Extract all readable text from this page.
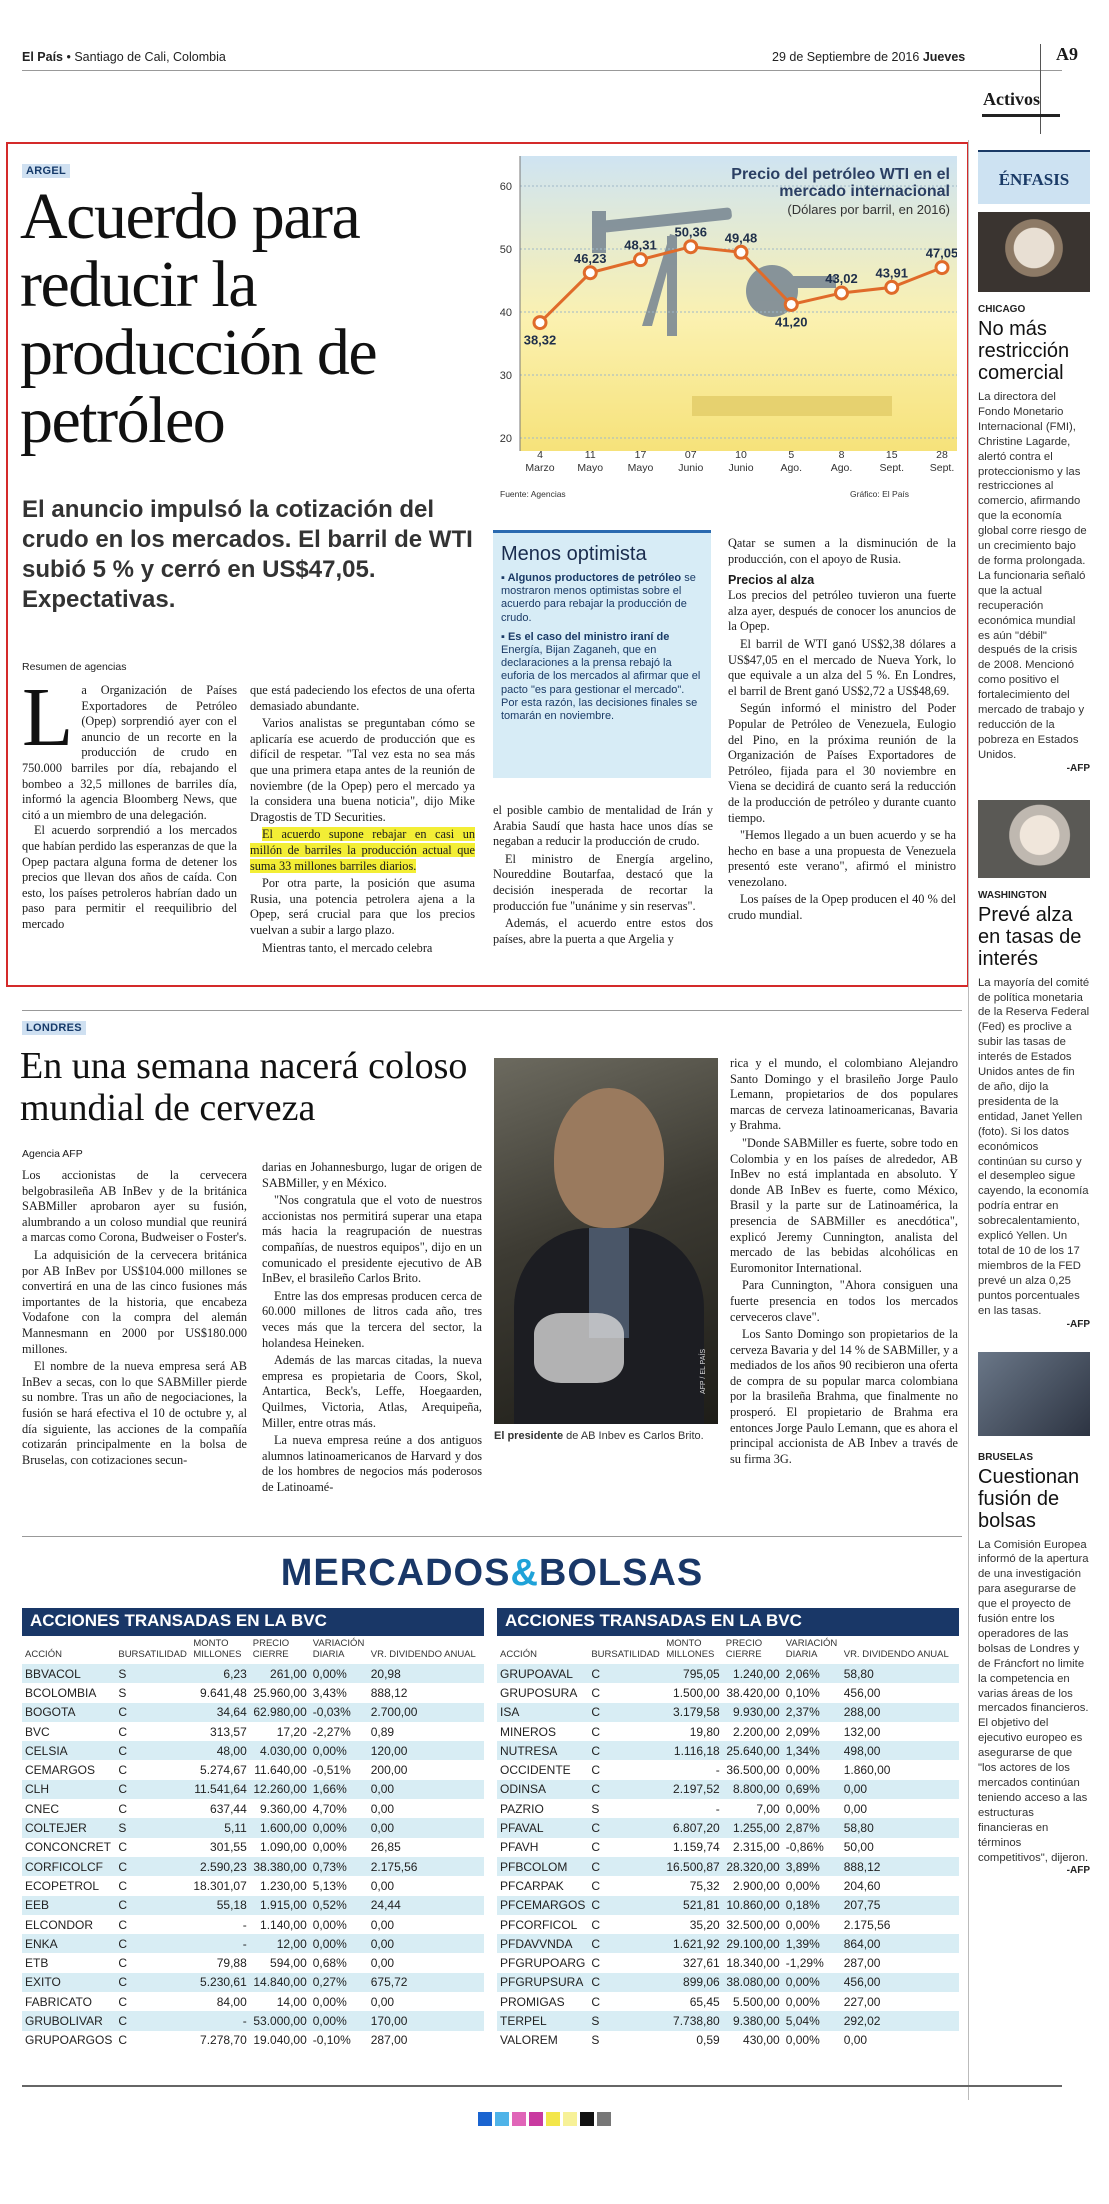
El País • Santiago de Cali, Colombia	29 de Septiembre de 2016 Jueves	A9
Activos
ARGEL
Acuerdo para reducir la producción de petróleo
El anuncio impulsó la cotización del crudo en los mercados. El barril de WTI subió 5 % y cerró en US$47,05. Expectativas.
Resumen de agencias
20
30
40
50
60
38,32
46,23
48,31
50,36 49,48
41,20
43,02 43,91
47,05
4
Marzo
11
Mayo
17
Mayo
07
Junio
10
Junio
5
Ago.
8
Ago.
15
Sept.
28
Sept.
Precio del petróleo WTI en el mercado internacional
(Dólares por barril, en 2016)
Fuente: Agencias	Gráfico: El País
L a Organización de Países Exportadores de Petróleo (Opep) sorprendió ayer con el anuncio de un recorte en la producción de crudo en 750.000 barriles por día, rebajando el bombeo a 32,5 millones de barriles día, informó la agencia Bloomberg News, que citó a un miembro de una delegación.

El acuerdo sorprendió a los mercados que habían perdido las esperanzas de que la Opep pactara alguna forma de detener los precios que llevan dos años de caída. Con esto, los países petroleros habrían dado un paso para permitir el reequilibrio del mercado

que está padeciendo los efectos de una oferta demasiado abundante.

Varios analistas se preguntaban cómo se aplicaría ese acuerdo de producción que es difícil de respetar. "Tal vez esta no sea más que una primera etapa antes de la reunión de noviembre (de la Opep) pero el mercado ya la considera una buena noticia", dijo Mike Dragostis de TD Securities.

El acuerdo supone rebajar en casi un millón de barriles la producción actual que suma 33 millones barriles diarios.

Por otra parte, la posición que asuma Rusia, una potencia petrolera ajena a la Opep, será crucial para que los precios vuelvan a subir a largo plazo.

Mientras tanto, el mercado celebra

Menos optimista

▪ Algunos productores de petróleo se mostraron menos optimistas sobre el acuerdo para rebajar la producción de crudo.

▪ Es el caso del ministro iraní de Energía, Bijan Zaganeh, que en declaraciones a la prensa rebajó la euforia de los mercados al afirmar que el pacto "es para gestionar el mercado". Por esta razón, las decisiones finales se tomarán en noviembre.

el posible cambio de mentalidad de Irán y Arabia Saudí que hasta hace unos días se negaban a reducir la producción de crudo.

El ministro de Energía argelino, Noureddine Boutarfaa, destacó que la decisión inesperada de recortar la producción fue "unánime y sin reservas".

Además, el acuerdo entre estos dos países, abre la puerta a que Argelia y

Qatar se sumen a la disminución de la producción, con el apoyo de Rusia.

Precios al alza

Los precios del petróleo tuvieron una fuerte alza ayer, después de conocer los anuncios de la Opep.

El barril de WTI ganó US$2,38 dólares a US$47,05 en el mercado de Nueva York, lo que equivale a un alza del 5 %. En Londres, el barril de Brent ganó US$2,72 a US$48,69.

Según informó el ministro del Poder Popular de Petróleo de Venezuela, Eulogio del Pino, en la próxima reunión de la Organización de Países Exportadores de Petróleo, fijada para el 30 noviembre en Viena se decidirá de cuanto será la reducción de la producción de petróleo y durante cuanto tiempo.

"Hemos llegado a un buen acuerdo y se ha hecho en base a una propuesta de Venezuela presentó este verano", afirmó el ministro venezolano.

Los países de la Opep producen el 40 % del crudo mundial.

LONDRES
En una semana nacerá coloso mundial de cerveza
Agencia AFP

Los accionistas de la cervecera belgobrasileña AB InBev y de la británica SABMiller aprobaron ayer su fusión, alumbrando a un coloso mundial que reunirá a marcas como Corona, Budweiser o Foster's.

La adquisición de la cervecera británica por AB InBev por US$104.000 millones se convertirá en una de las cinco fusiones más importantes de la historia, que encabeza Vodafone con la compra del alemán Mannesmann en 2000 por US$180.000 millones.

El nombre de la nueva empresa será AB InBev a secas, con lo que SABMiller pierde su nombre. Tras un año de negociaciones, la fusión se hará efectiva el 10 de octubre y, al día siguiente, las acciones de la compañía cotizarán principalmente en la bolsa de Bruselas, con cotizaciones secun-

darias en Johannesburgo, lugar de origen de SABMiller, y en México.

"Nos congratula que el voto de nuestros accionistas nos permitirá superar una etapa más hacia la reagrupación de nuestras compañías, de nuestros equipos", dijo en un comunicado el presidente ejecutivo de AB InBev, el brasileño Carlos Brito.

Entre las dos empresas producen cerca de 60.000 millones de litros cada año, tres veces más que la tercera del sector, la holandesa Heineken.

Además de las marcas citadas, la nueva empresa es propietaria de Coors, Skol, Antartica, Beck's, Leffe, Hoegaarden, Quilmes, Victoria, Atlas, Arequipeña, Miller, entre otras más.

La nueva empresa reúne a dos antiguos alumnos latinoamericanos de Harvard y dos de los hombres de negocios más poderosos de Latinoamé-

AFP / EL PAÍS
El presidente de AB Inbev es Carlos Brito.

rica y el mundo, el colombiano Alejandro Santo Domingo y el brasileño Jorge Paulo Lemann, propietarios de dos populares marcas de cerveza latinoamericanas, Bavaria y Brahma.

"Donde SABMiller es fuerte, sobre todo en Colombia y en los países de alrededor, AB InBev no está implantada en absoluto. Y donde AB InBev es fuerte, como México, Brasil y la parte sur de Latinoamérica, la presencia de SABMiller es anecdótica", explicó Jeremy Cunnington, analista del mercado de las bebidas alcohólicas en Euromonitor International.

Para Cunnington, "Ahora consiguen una fuerte presencia en todos los mercados cerveceros clave".

Los Santo Domingo son propietarios de la cerveza Bavaria y del 14 % de SABMiller, y a mediados de los años 90 recibieron una oferta de compra de su popular marca colombiana por la brasileña Brahma, que finalmente no prosperó. El propietario de Brahma era entonces Jorge Paulo Lemann, que es ahora el principal accionista de AB Inbev a través de su firma 3G.

ÉNFASIS
CHICAGO
No más restricción comercial
La directora del Fondo Monetario Internacional (FMI), Christine Lagarde, alertó contra el proteccionismo y las restricciones al comercio, afirmando que la economía global corre riesgo de un crecimiento bajo de forma prolongada. La funcionaria señaló que la actual recuperación económica mundial es aún "débil" después de la crisis de 2008. Mencionó como positivo el fortalecimiento del mercado de trabajo y reducción de la pobreza en Estados Unidos.
-AFP
WASHINGTON
Prevé alza en tasas de interés
La mayoría del comité de política monetaria de la Reserva Federal (Fed) es proclive a subir las tasas de interés de Estados Unidos antes de fin de año, dijo la presidenta de la entidad, Janet Yellen (foto). Si los datos económicos continúan su curso y el desempleo sigue cayendo, la economía podría entrar en sobrecalentamiento, explicó Yellen. Un total de 10 de los 17 miembros de la FED prevé un alza 0,25 puntos porcentuales en las tasas.
-AFP
BRUSELAS
Cuestionan fusión de bolsas
La Comisión Europea informó de la apertura de una investigación para asegurarse de que el proyecto de fusión entre los operadores de las bolsas de Londres y de Fráncfort no limite la competencia en varias áreas de los mercados financieros. El objetivo del ejecutivo europeo es asegurarse de que "los actores de los mercados continúan teniendo acceso a las estructuras financieras en términos competitivos", dijeron.
-AFP
MERCADOS&BOLSAS
ACCIONES TRANSADAS EN LA BVC
ACCIÓN	BURSATILIDAD	MONTO MILLONES	PRECIO CIERRE	VARIACIÓN DIARIA	VR. DIVIDENDO ANUAL
BBVACOL	S	6,23	261,00	0,00%	20,98
BCOLOMBIA	S	9.641,48	25.960,00	3,43%	888,12
BOGOTA	C	34,64	62.980,00	-0,03%	2.700,00
BVC	C	313,57	17,20	-2,27%	0,89
CELSIA	C	48,00	4.030,00	0,00%	120,00
CEMARGOS	C	5.274,67	11.640,00	-0,51%	200,00
CLH	C	11.541,64	12.260,00	1,66%	0,00
CNEC	C	637,44	9.360,00	4,70%	0,00
COLTEJER	S	5,11	1.600,00	0,00%	0,00
CONCONCRET	C	301,55	1.090,00	0,00%	26,85
CORFICOLCF	C	2.590,23	38.380,00	0,73%	2.175,56
ECOPETROL	C	18.301,07	1.230,00	5,13%	0,00
EEB	C	55,18	1.915,00	0,52%	24,44
ELCONDOR	C	-	1.140,00	0,00%	0,00
ENKA	C	-	12,00	0,00%	0,00
ETB	C	79,88	594,00	0,68%	0,00
EXITO	C	5.230,61	14.840,00	0,27%	675,72
FABRICATO	C	84,00	14,00	0,00%	0,00
GRUBOLIVAR	C	-	53.000,00	0,00%	170,00
GRUPOARGOS	C	7.278,70	19.040,00	-0,10%	287,00
ACCIONES TRANSADAS EN LA BVC
ACCIÓN	BURSATILIDAD	MONTO MILLONES	PRECIO CIERRE	VARIACIÓN DIARIA	VR. DIVIDENDO ANUAL
GRUPOAVAL	C	795,05	1.240,00	2,06%	58,80
GRUPOSURA	C	1.500,00	38.420,00	0,10%	456,00
ISA	C	3.179,58	9.930,00	2,37%	288,00
MINEROS	C	19,80	2.200,00	2,09%	132,00
NUTRESA	C	1.116,18	25.640,00	1,34%	498,00
OCCIDENTE	C	-	36.500,00	0,00%	1.860,00
ODINSA	C	2.197,52	8.800,00	0,69%	0,00
PAZRIO	S	-	7,00	0,00%	0,00
PFAVAL	C	6.807,20	1.255,00	2,87%	58,80
PFAVH	C	1.159,74	2.315,00	-0,86%	50,00
PFBCOLOM	C	16.500,87	28.320,00	3,89%	888,12
PFCARPAK	C	75,32	2.900,00	0,00%	204,60
PFCEMARGOS	C	521,81	10.860,00	0,18%	207,75
PFCORFICOL	C	35,20	32.500,00	0,00%	2.175,56
PFDAVVNDA	C	1.621,92	29.100,00	1,39%	864,00
PFGRUPOARG	C	327,61	18.340,00	-1,29%	287,00
PFGRUPSURA	C	899,06	38.080,00	0,00%	456,00
PROMIGAS	C	65,45	5.500,00	0,00%	227,00
TERPEL	S	7.738,80	9.380,00	5,04%	292,02
VALOREM	S	0,59	430,00	0,00%	0,00
